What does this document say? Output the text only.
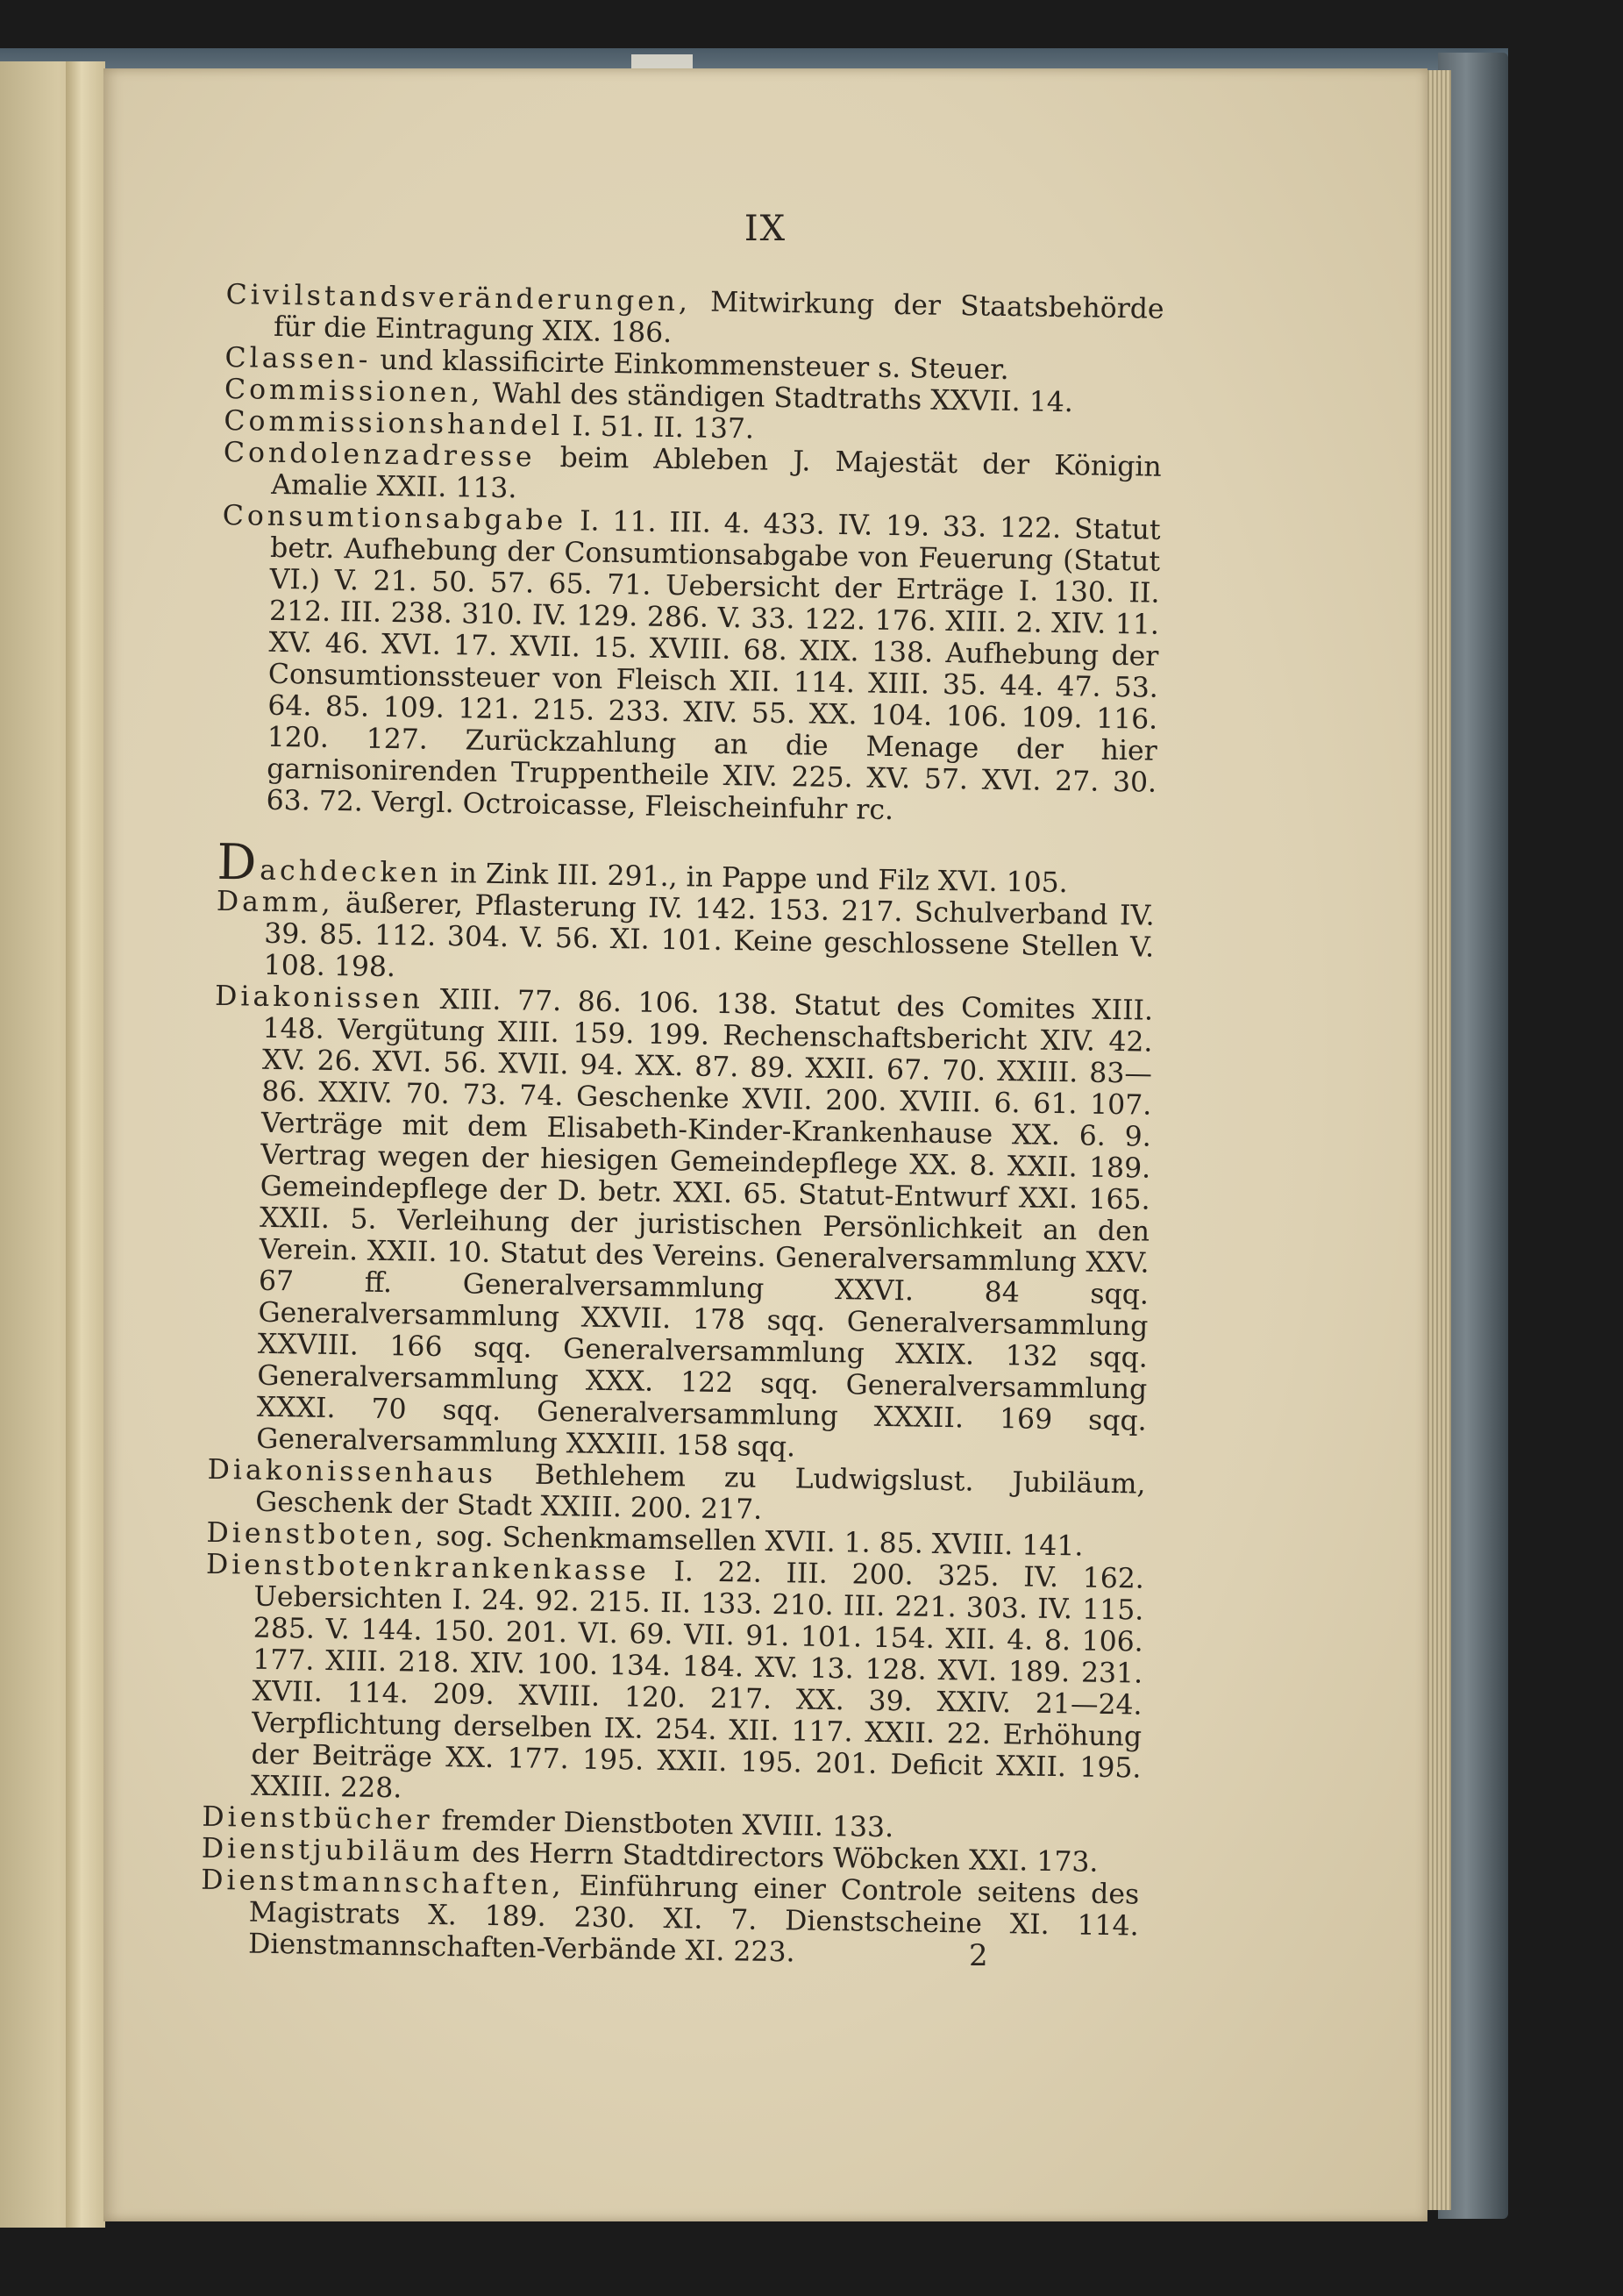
IX

Civilstandsveränderungen, Mitwirkung der Staatsbehörde für die Eintragung XIX. 186.

Classen- und klassificirte Einkommensteuer s. Steuer.

Commissionen, Wahl des ständigen Stadtraths XXVII. 14.

Commissionshandel I. 51. II. 137.

Condolenzadresse beim Ableben J. Majestät der Königin Amalie XXII. 113.

Consumtionsabgabe I. 11. III. 4. 433. IV. 19. 33. 122. Statut betr. Aufhebung der Consumtionsabgabe von Feuerung (Statut VI.) V. 21. 50. 57. 65. 71. Uebersicht der Erträge I. 130. II. 212. III. 238. 310. IV. 129. 286. V. 33. 122. 176. XIII. 2. XIV. 11. XV. 46. XVI. 17. XVII. 15. XVIII. 68. XIX. 138. Aufhebung der Consumtionssteuer von Fleisch XII. 114. XIII. 35. 44. 47. 53. 64. 85. 109. 121. 215. 233. XIV. 55. XX. 104. 106. 109. 116. 120. 127. Zurückzahlung an die Menage der hier garnisonirenden Truppentheile XIV. 225. XV. 57. XVI. 27. 30. 63. 72. Vergl. Octroicasse, Fleischeinfuhr rc.

Dachdecken in Zink III. 291., in Pappe und Filz XVI. 105.

Damm, äußerer, Pflasterung IV. 142. 153. 217. Schulverband IV. 39. 85. 112. 304. V. 56. XI. 101. Keine geschlossene Stellen V. 108. 198.

Diakonissen XIII. 77. 86. 106. 138. Statut des Comites XIII. 148. Vergütung XIII. 159. 199. Rechenschaftsbericht XIV. 42. XV. 26. XVI. 56. XVII. 94. XX. 87. 89. XXII. 67. 70. XXIII. 83—86. XXIV. 70. 73. 74. Geschenke XVII. 200. XVIII. 6. 61. 107. Verträge mit dem Elisabeth-Kinder-Krankenhause XX. 6. 9. Vertrag wegen der hiesigen Gemeindepflege XX. 8. XXII. 189. Gemeindepflege der D. betr. XXI. 65. Statut-Entwurf XXI. 165. XXII. 5. Verleihung der juristischen Persönlichkeit an den Verein. XXII. 10. Statut des Vereins. Generalversammlung XXV. 67 ff. Generalversammlung XXVI. 84 sqq. Generalversammlung XXVII. 178 sqq. Generalversammlung XXVIII. 166 sqq. Generalversammlung XXIX. 132 sqq. Generalversammlung XXX. 122 sqq. Generalversammlung XXXI. 70 sqq. Generalversammlung XXXII. 169 sqq. Generalversammlung XXXIII. 158 sqq.

Diakonissenhaus Bethlehem zu Ludwigslust. Jubiläum, Geschenk der Stadt XXIII. 200. 217.

Dienstboten, sog. Schenkmamsellen XVII. 1. 85. XVIII. 141.

Dienstbotenkrankenkasse I. 22. III. 200. 325. IV. 162. Uebersichten I. 24. 92. 215. II. 133. 210. III. 221. 303. IV. 115. 285. V. 144. 150. 201. VI. 69. VII. 91. 101. 154. XII. 4. 8. 106. 177. XIII. 218. XIV. 100. 134. 184. XV. 13. 128. XVI. 189. 231. XVII. 114. 209. XVIII. 120. 217. XX. 39. XXIV. 21—24. Verpflichtung derselben IX. 254. XII. 117. XXII. 22. Erhöhung der Beiträge XX. 177. 195. XXII. 195. 201. Deficit XXII. 195. XXIII. 228.

Dienstbücher fremder Dienstboten XVIII. 133.

Dienstjubiläum des Herrn Stadtdirectors Wöbcken XXI. 173.

Dienstmannschaften, Einführung einer Controle seitens des Magistrats X. 189. 230. XI. 7. Dienstscheine XI. 114. Dienstmannschaften-Verbände XI. 223.	2
